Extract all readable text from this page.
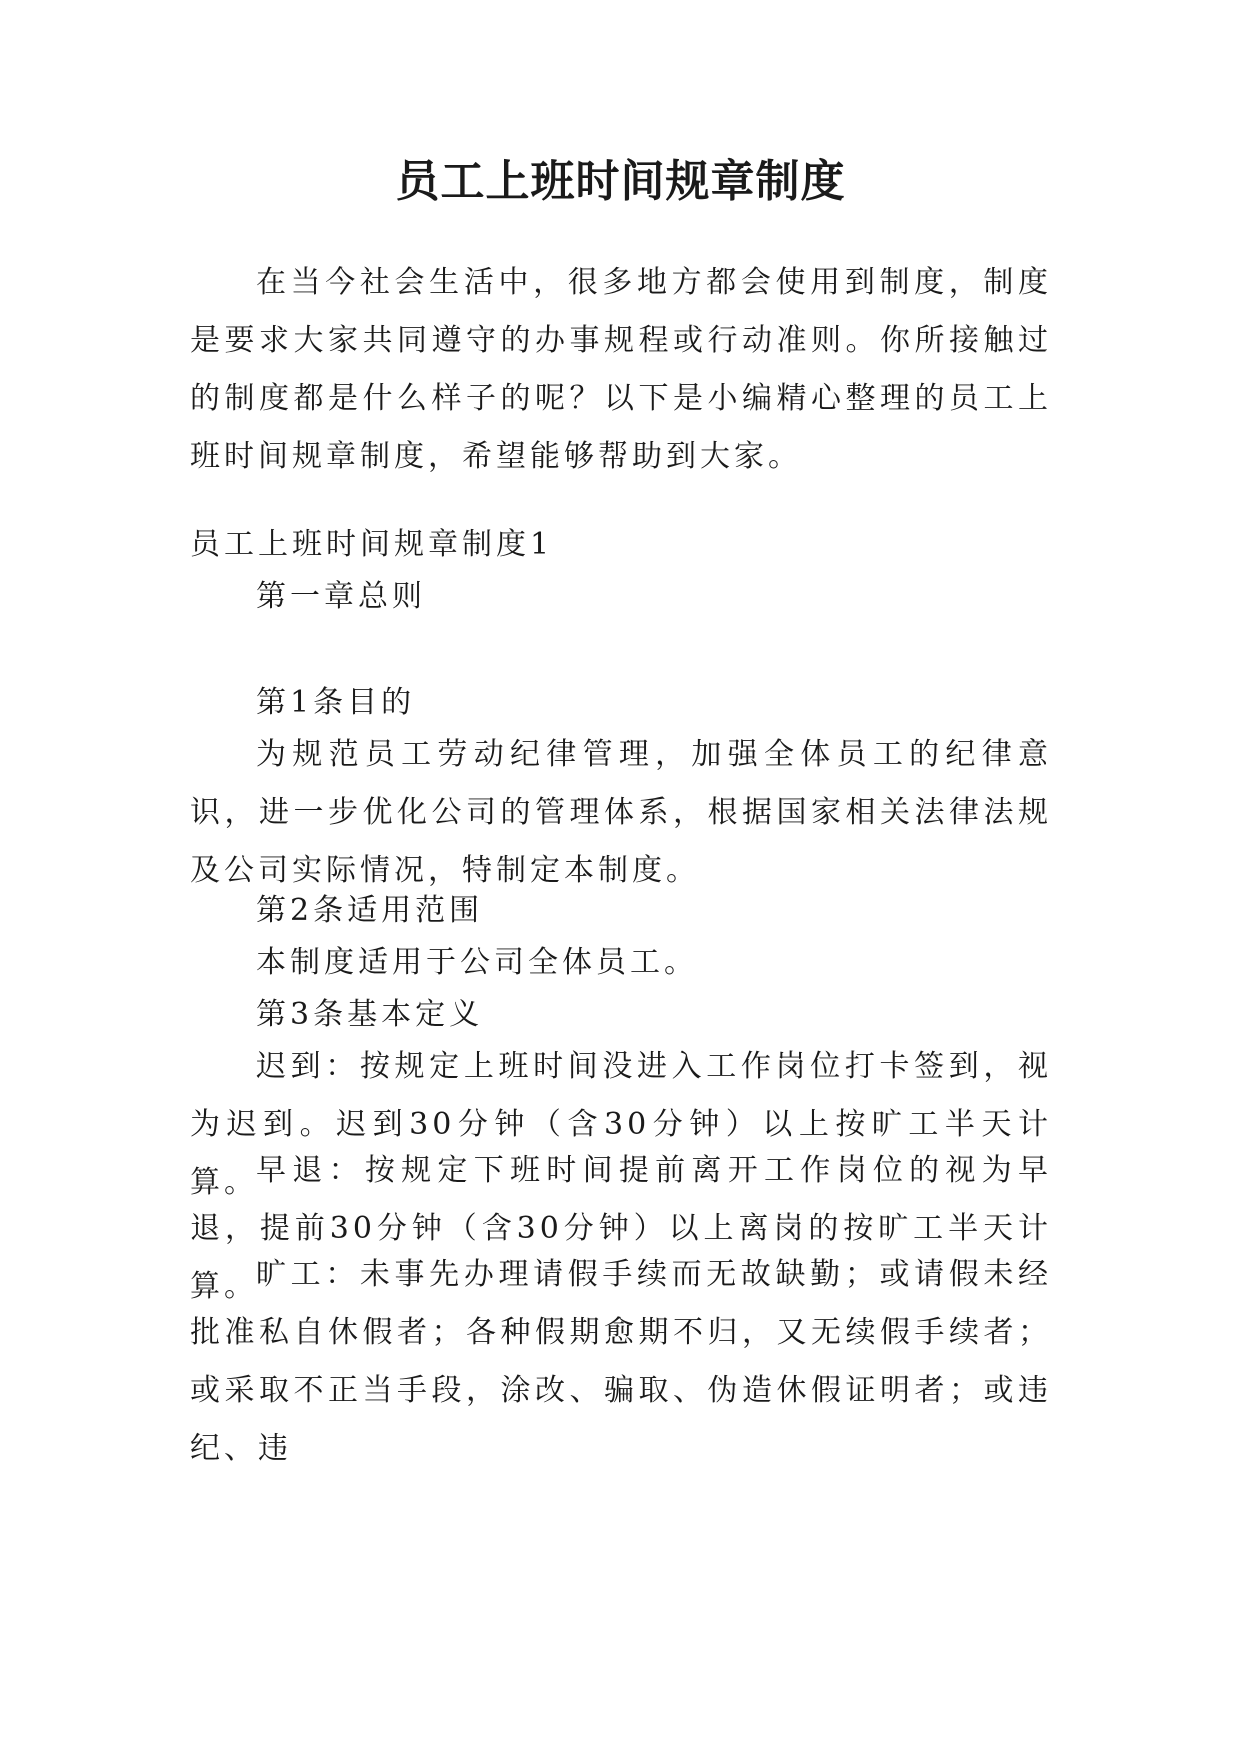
员工上班时间规章制度

在当今社会生活中，很多地方都会使用到制度，制度是要求大家共同遵守的办事规程或行动准则。你所接触过的制度都是什么样子的呢？以下是小编精心整理的员工上班时间规章制度，希望能够帮助到大家。

员工上班时间规章制度1
第一章总则
第1条目的

为规范员工劳动纪律管理，加强全体员工的纪律意识，进一步优化公司的管理体系，根据国家相关法律法规及公司实际情况，特制定本制度。

第2条适用范围
本制度适用于公司全体员工。
第3条基本定义

迟到：按规定上班时间没进入工作岗位打卡签到，视为迟到。迟到30分钟（含30分钟）以上按旷工半天计算。

早退：按规定下班时间提前离开工作岗位的视为早退，提前30分钟（含30分钟）以上离岗的按旷工半天计算。

旷工：未事先办理请假手续而无故缺勤；或请假未经批准私自休假者；各种假期愈期不归，又无续假手续者；或采取不正当手段，涂改、骗取、伪造休假证明者；或违纪、违
